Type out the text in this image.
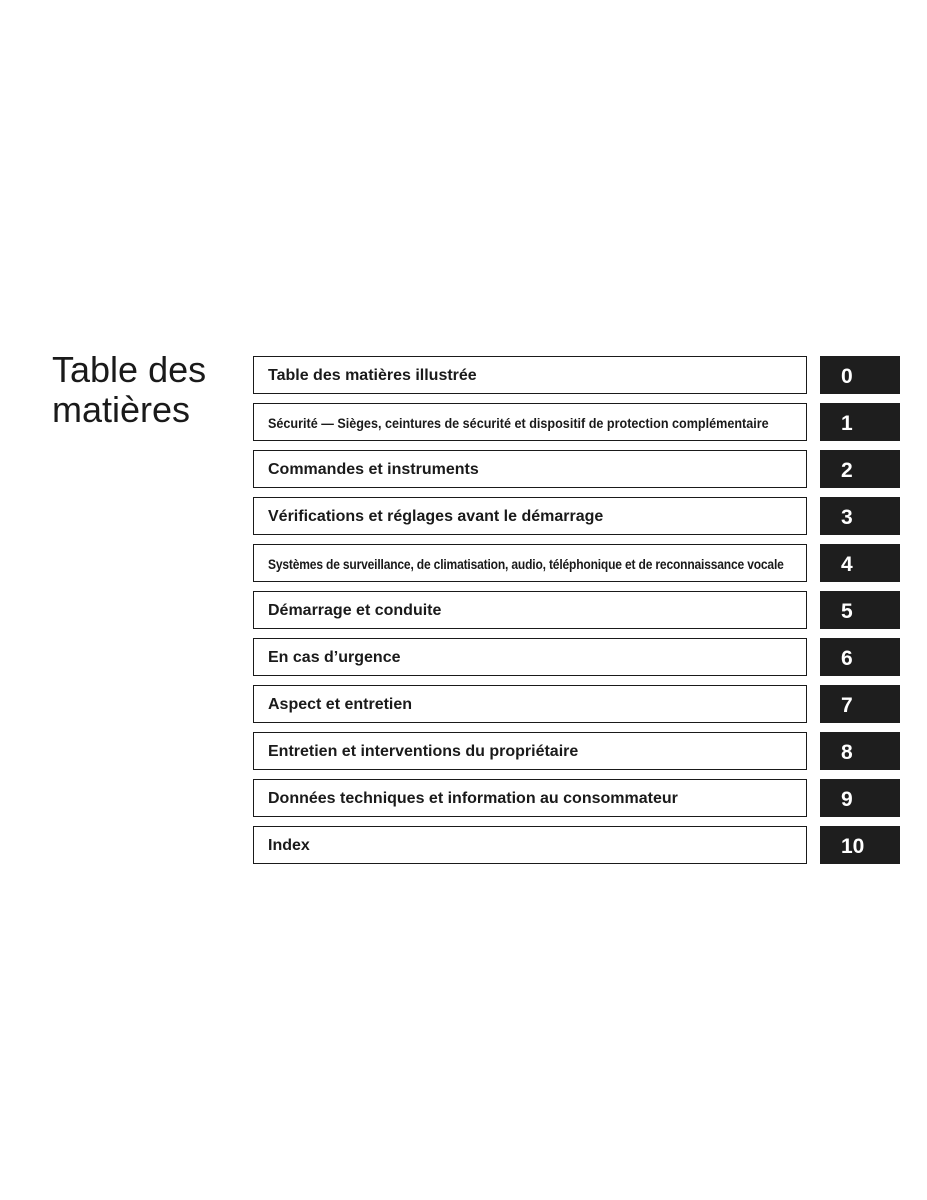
Table des
matières
Table des matières illustrée	0
Sécurité — Sièges, ceintures de sécurité et dispositif de protection complémentaire	1
Commandes et instruments	2
Vérifications et réglages avant le démarrage	3
Systèmes de surveillance, de climatisation, audio, téléphonique et de reconnaissance vocale	4
Démarrage et conduite	5
En cas d’urgence	6
Aspect et entretien	7
Entretien et interventions du propriétaire	8
Données techniques et information au consommateur	9
Index	10
